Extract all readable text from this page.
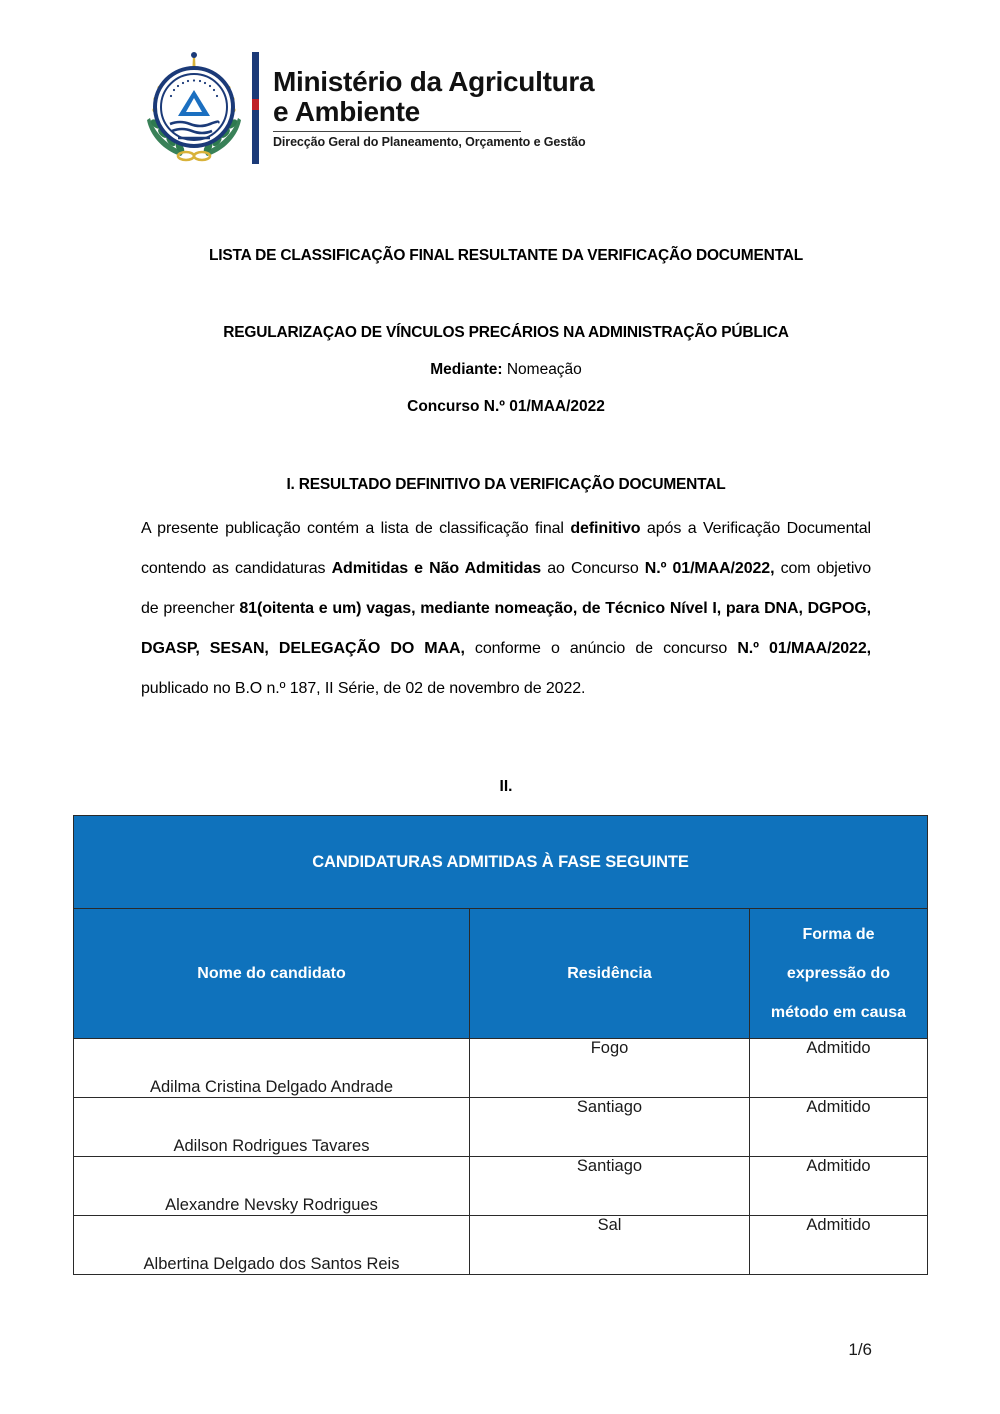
Ministério da Agricultura
e Ambiente
Direcção Geral do Planeamento, Orçamento e Gestão
LISTA DE CLASSIFICAÇÃO FINAL RESULTANTE DA VERIFICAÇÃO DOCUMENTAL
REGULARIZAÇAO DE VÍNCULOS PRECÁRIOS NA ADMINISTRAÇÃO PÚBLICA
Mediante: Nomeação
Concurso N.º 01/MAA/2022
I. RESULTADO DEFINITIVO DA VERIFICAÇÃO DOCUMENTAL
A presente publicação contém a lista de classificação final definitivo após a Verificação Documental contendo as candidaturas Admitidas e Não Admitidas ao Concurso N.º 01/MAA/2022, com objetivo de preencher 81(oitenta e um) vagas, mediante nomeação, de Técnico Nível I, para DNA, DGPOG, DGASP, SESAN, DELEGAÇÃO DO MAA, conforme o anúncio de concurso N.º 01/MAA/2022, publicado no B.O n.º 187, II Série, de 02 de novembro de 2022.
II.
CANDIDATURAS ADMITIDAS À FASE SEGUINTE		
Nome do candidato	Residência	Forma de
expressão do
método em causa

Adilma Cristina Delgado Andrade	Fogo	Admitido
Adilson Rodrigues Tavares	Santiago	Admitido
Alexandre Nevsky Rodrigues	Santiago	Admitido
Albertina Delgado dos Santos Reis	Sal	Admitido
1/6
